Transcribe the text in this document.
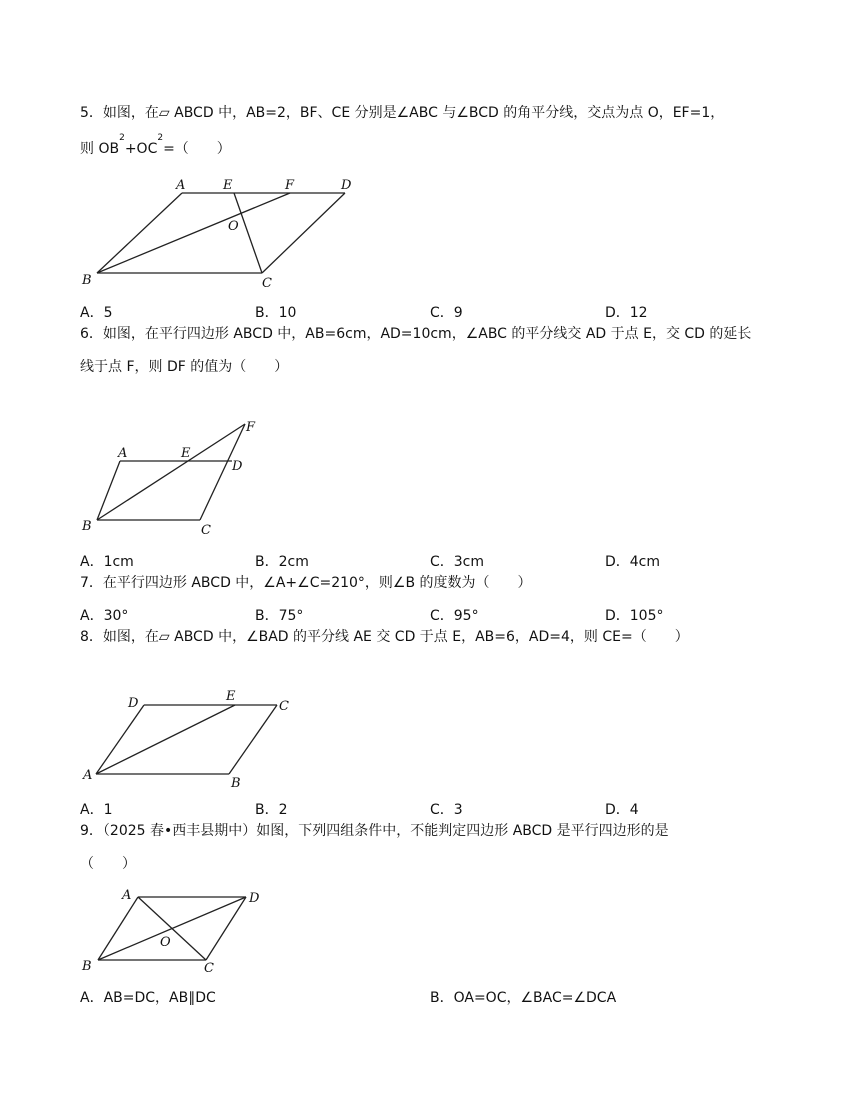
5．如图，在▱ ABCD 中，AB=2，BF、CE 分别是∠ABC 与∠BCD 的角平分线，交点为点 O，EF=1，
则 $OB^2+OC^2=$（　　）
A	E	F	D
O
B	C
A．5	B．10	C．9	D．12
6．如图，在平行四边形 ABCD 中，AB=6cm，AD=10cm，∠ABC 的平分线交 AD 于点 E，交 CD 的延长
线于点 F，则 DF 的值为（　　）
A	E
D
F
B	C
A．1cm	B．2cm	C．3cm	D．4cm
7．在平行四边形 ABCD 中，∠A+∠C=210°，则∠B 的度数为（　　）
A．30°	B．75°	C．95°	D．105°
8．如图，在▱ ABCD 中，∠BAD 的平分线 AE 交 CD 于点 E，AB=6，AD=4，则 CE=（　　）
D	E
C
A
B
A．1	B．2	C．3	D．4
9．（2025 春•西丰县期中）如图，下列四组条件中，不能判定四边形 ABCD 是平行四边形的是
（　　）
A	D
O
B	C
A．AB=DC，AB∥DC	B．OA=OC，∠BAC=∠DCA
